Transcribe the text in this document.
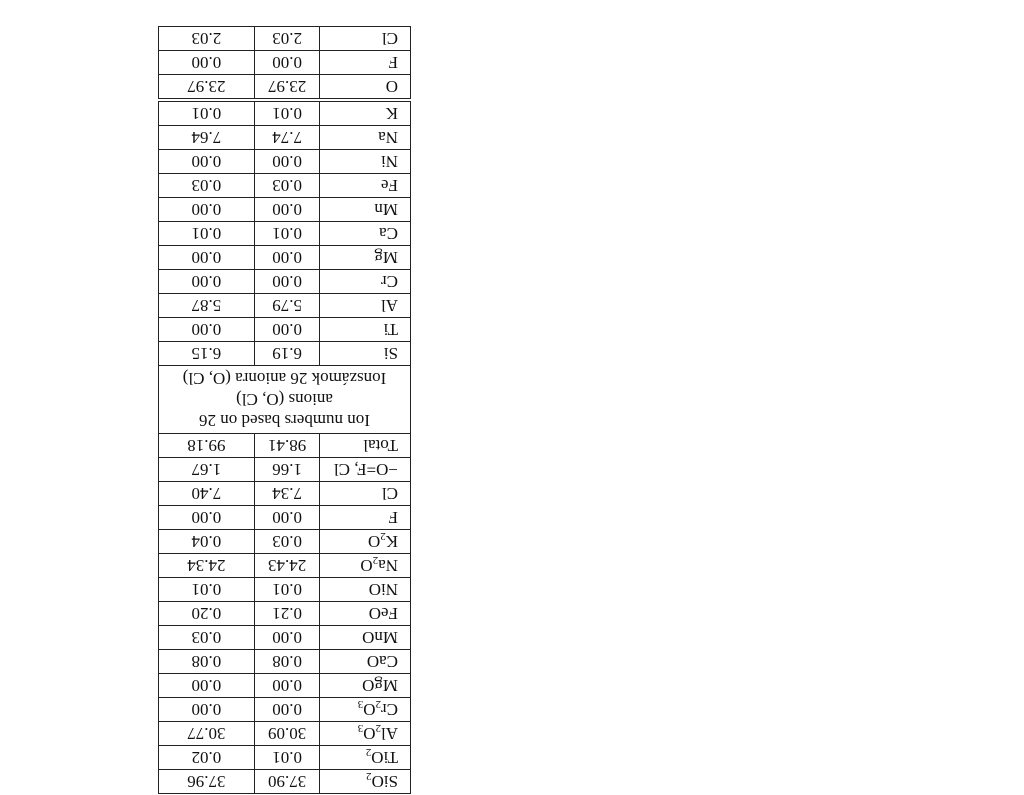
SiO$_2$	37.90	37.96
TiO$_2$	0.01	0.02
$Al_2O_3$	30.09	30.77
$Cr_2O_3$	0.00	0.00
MgO	0.00	0.00
CaO	0.08	0.08
MnO	0.00	0.03
FeO	0.21	0.20
NiO	0.01	0.01
$Na_2O$	24.43	24.34
$K_2O$	0.03	0.04
F	0.00	0.00
Cl	7.34	7.40
−O=F, Cl	1.66	1.67
Total	98.41	99.18

Ion numbers based on 26
anions (O, Cl)
Ionszámok 26 anionra (O, Cl)		

Si	6.19	6.15
Ti	0.00	0.00
Al	5.79	5.87
Cr	0.00	0.00
Mg	0.00	0.00
Ca	0.01	0.01
Mn	0.00	0.00
Fe	0.03	0.03
Ni	0.00	0.00
Na	7.74	7.64
K	0.01	0.01
O	23.97	23.97
F	0.00	0.00
Cl	2.03	2.03
